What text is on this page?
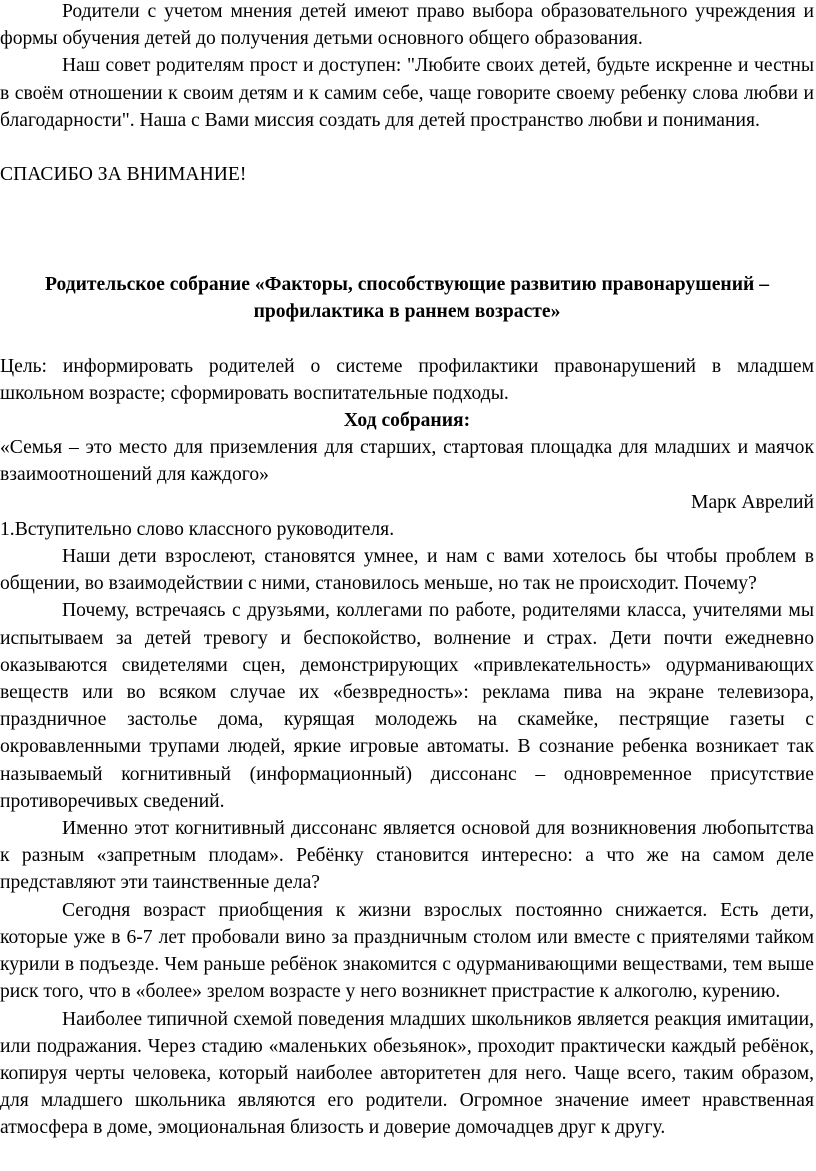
Родители с учетом мнения детей имеют право выбора образовательного учреждения и формы обучения детей до получения детьми основного общего образования.

Наш совет родителям прост и доступен: "Любите своих детей, будьте искренне и честны в своём отношении к своим детям и к самим себе, чаще говорите своему ребенку слова любви и благодарности". Наша с Вами миссия создать для детей пространство любви и понимания.

СПАСИБО ЗА ВНИМАНИЕ!

Родительское собрание «Факторы, способствующие развитию правонарушений – профилактика в раннем возрасте»

Цель: информировать родителей о системе профилактики правонарушений в младшем школьном возрасте; сформировать воспитательные подходы.

Ход собрания:

«Семья – это место для приземления для старших, стартовая площадка для младших и маячок взаимоотношений для каждого»

Марк Аврелий

1.Вступительно слово классного руководителя.

Наши дети взрослеют, становятся умнее, и нам с вами хотелось бы чтобы проблем в общении, во взаимодействии с ними, становилось меньше, но так не происходит. Почему?

Почему, встречаясь с друзьями, коллегами по работе, родителями класса, учителями мы испытываем за детей тревогу и беспокойство, волнение и страх. Дети почти ежедневно оказываются свидетелями сцен, демонстрирующих «привлекательность» одурманивающих веществ или во всяком случае их «безвредность»: реклама пива на экране телевизора, праздничное застолье дома, курящая молодежь на скамейке, пестрящие газеты с окровавленными трупами людей, яркие игровые автоматы. В сознание ребенка возникает так называемый когнитивный (информационный) диссонанс – одновременное присутствие противоречивых сведений.

Именно этот когнитивный диссонанс является основой для возникновения любопытства к разным «запретным плодам». Ребёнку становится интересно: а что же на самом деле представляют эти таинственные дела?

Сегодня возраст приобщения к жизни взрослых постоянно снижается. Есть дети, которые уже в 6-7 лет пробовали вино за праздничным столом или вместе с приятелями тайком курили в подъезде. Чем раньше ребёнок знакомится с одурманивающими веществами, тем выше риск того, что в «более» зрелом возрасте у него возникнет пристрастие к алкоголю, курению.

Наиболее типичной схемой поведения младших школьников является реакция имитации, или подражания. Через стадию «маленьких обезьянок», проходит практически каждый ребёнок, копируя черты человека, который наиболее авторитетен для него. Чаще всего, таким образом, для младшего школьника являются его родители. Огромное значение имеет нравственная атмосфера в доме, эмоциональная близость и доверие домочадцев друг к другу.
